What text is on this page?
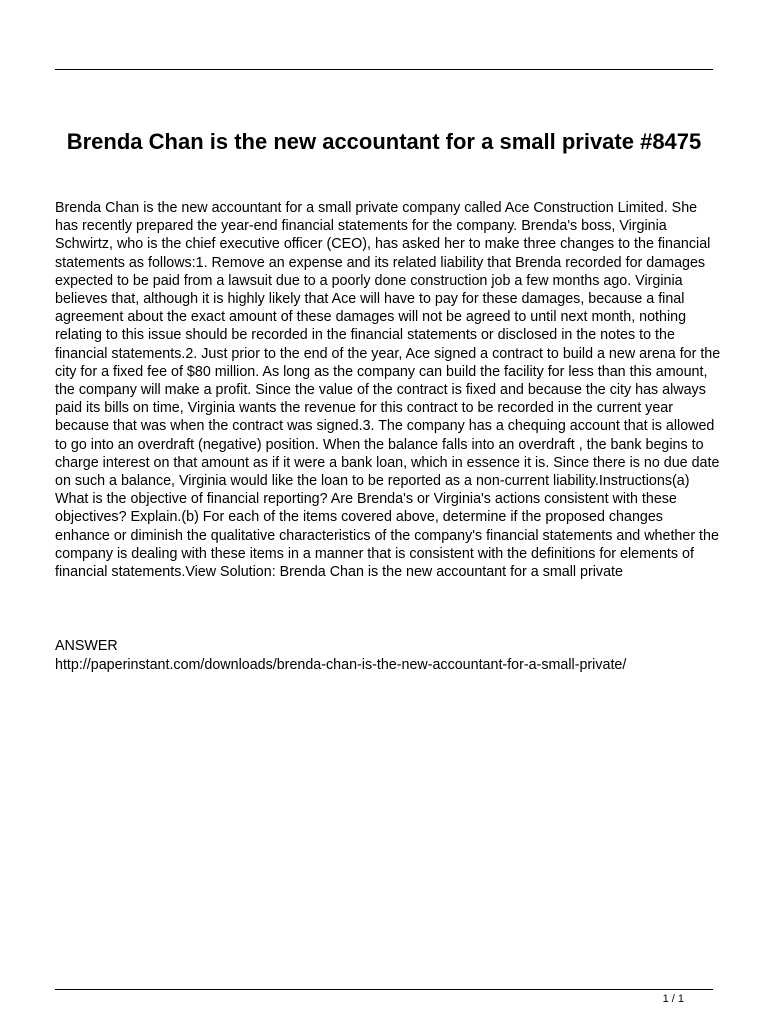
Brenda Chan is the new accountant for a small private #8475

Brenda Chan is the new accountant for a small private company called Ace Construction Limited. She has recently prepared the year-end financial statements for the company. Brenda's boss, Virginia Schwirtz, who is the chief executive officer (CEO), has asked her to make three changes to the financial statements as follows:1. Remove an expense and its related liability that Brenda recorded for damages expected to be paid from a lawsuit due to a poorly done construction job a few months ago. Virginia believes that, although it is highly likely that Ace will have to pay for these damages, because a final agreement about the exact amount of these damages will not be agreed to until next month, nothing relating to this issue should be recorded in the financial statements or disclosed in the notes to the financial statements.2. Just prior to the end of the year, Ace signed a contract to build a new arena for the city for a fixed fee of $80 million. As long as the company can build the facility for less than this amount, the company will make a profit. Since the value of the contract is fixed and because the city has always paid its bills on time, Virginia wants the revenue for this contract to be recorded in the current year because that was when the contract was signed.3. The company has a chequing account that is allowed to go into an overdraft (negative) position. When the balance falls into an overdraft , the bank begins to charge interest on that amount as if it were a bank loan, which in essence it is. Since there is no due date on such a balance, Virginia would like the loan to be reported as a non-current liability.Instructions(a) What is the objective of financial reporting? Are Brenda's or Virginia's actions consistent with these objectives? Explain.(b) For each of the items covered above, determine if the proposed changes enhance or diminish the qualitative characteristics of the company's financial statements and whether the company is dealing with these items in a manner that is consistent with the definitions for elements of financial statements.View Solution: Brenda Chan is the new accountant for a small private

ANSWER

http://paperinstant.com/downloads/brenda-chan-is-the-new-accountant-for-a-small-private/

1 / 1
